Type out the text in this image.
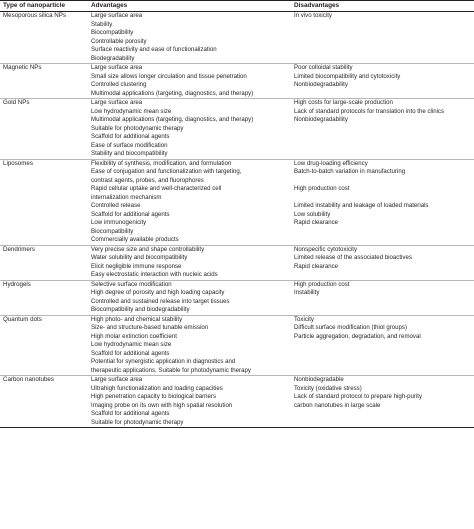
Type of nanoparticle	Advantages	Disadvantages
Mesoporous silica NPs	Large surface area	In vivo toxicity
	Stability	
	Biocompatibility	
	Controllable porosity	
	Surface reactivity and ease of functionalization	
	Biodegradability	
Magnetic NPs	Large surface area	Poor colloidal stability
	Small size allows longer circulation and tissue penetration	Limited biocompatibility and cytotoxicity
	Controlled clustering	Nonbiodegradability
	Multimodal applications (targeting, diagnostics, and therapy)	
Gold NPs	Large surface area	High costs for large-scale production
	Low hydrodynamic mean size	Lack of standard protocols for translation into the clinics
	Multimodal applications (targeting, diagnostics, and therapy)	Nonbiodegradability
	Suitable for photodynamic therapy	
	Scaffold for additional agents	
	Ease of surface modification	
	Stability and biocompatibility	
Liposomes	Flexibility of synthesis, modification, and formulation	Low drug-loading efficiency
	Ease of conjugation and functionalization with targeting,	Batch-to-batch variation in manufacturing
	contrast agents, probes, and fluorophores	
	Rapid cellular uptake and well-characterized cell	High production cost
	internalization mechanism	
	Controlled release	Limited instability and leakage of loaded materials
	Scaffold for additional agents	Low solubility
	Low immunogenicity	Rapid clearance
	Biocompatibility	
	Commercially available products	
Dendrimers	Very precise size and shape controllability	Nonspecific cytotoxicity
	Water solubility and biocompatibility	Limited release of the associated bioactives
	Elicit negligible immune response	Rapid clearance
	Easy electrostatic interaction with nucleic acids	
Hydrogels	Selective surface modification	High production cost
	High degree of porosity and high loading capacity	Instability
	Controlled and sustained release into target tissues	
	Biocompatibility and biodegradability	
Quantum dots	High photo- and chemical stability	Toxicity
	Size- and structure-based tunable emission	Difficult surface modification (thiol groups)
	High molar extinction coefficient	Particle aggregation, degradation, and removal
	Low hydrodynamic mean size	
	Scaffold for additional agents	
	Potential for synergistic application in diagnostics and	
	therapeutic applications. Suitable for photodynamic therapy	
Carbon nanotubes	Large surface area	Nonbiodegradable
	Ultrahigh functionalization and loading capacities	Toxicity (oxidative stress)
	High penetration capacity to biological barriers	Lack of standard protocol to prepare high-purity
	Imaging probe on its own with high spatial resolution	carbon nanotubes in large scale
	Scaffold for additional agents	
	Suitable for photodynamic therapy	
